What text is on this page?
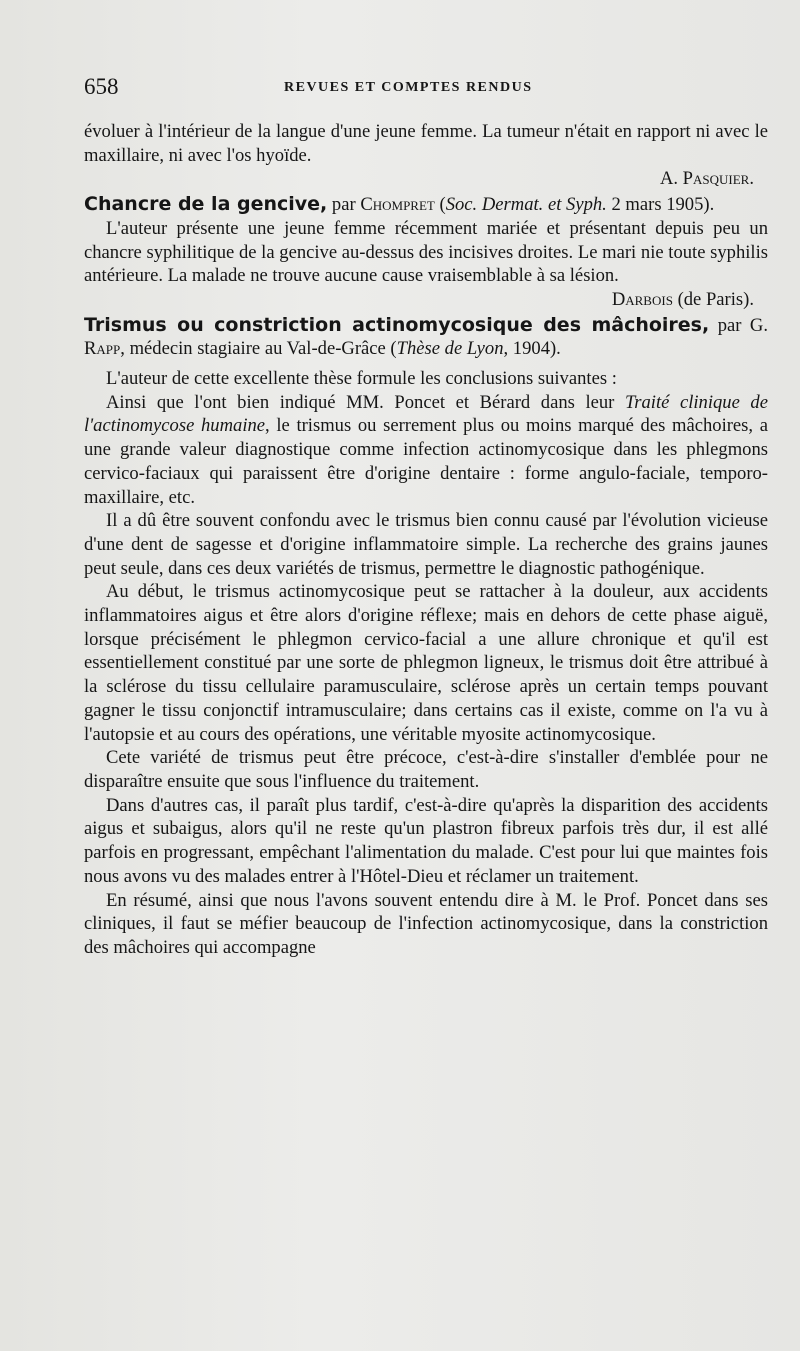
658	REVUES ET COMPTES RENDUS

évoluer à l'intérieur de la langue d'une jeune femme. La tumeur n'était en rapport ni avec le maxillaire, ni avec l'os hyoïde.

A. Pasquier.

Chancre de la gencive, par Chompret (Soc. Dermat. et Syph. 2 mars 1905).

L'auteur présente une jeune femme récemment mariée et présentant depuis peu un chancre syphilitique de la gencive au-dessus des incisives droites. Le mari nie toute syphilis antérieure. La malade ne trouve aucune cause vraisemblable à sa lésion.

Darbois (de Paris).

Trismus ou constriction actinomycosique des mâchoires, par G. Rapp, médecin stagiaire au Val-de-Grâce (Thèse de Lyon, 1904).

L'auteur de cette excellente thèse formule les conclusions suivantes :

Ainsi que l'ont bien indiqué MM. Poncet et Bérard dans leur Traité clinique de l'actinomycose humaine, le trismus ou serrement plus ou moins marqué des mâchoires, a une grande valeur diagnostique comme infection actinomycosique dans les phlegmons cervico-faciaux qui paraissent être d'origine dentaire : forme angulo-faciale, temporo-maxillaire, etc.

Il a dû être souvent confondu avec le trismus bien connu causé par l'évolution vicieuse d'une dent de sagesse et d'origine inflammatoire simple. La recherche des grains jaunes peut seule, dans ces deux variétés de trismus, permettre le diagnostic pathogénique.

Au début, le trismus actinomycosique peut se rattacher à la douleur, aux accidents inflammatoires aigus et être alors d'origine réflexe; mais en dehors de cette phase aiguë, lorsque précisément le phlegmon cervico-facial a une allure chronique et qu'il est essentiellement constitué par une sorte de phlegmon ligneux, le trismus doit être attribué à la sclérose du tissu cellulaire paramusculaire, sclérose après un certain temps pouvant gagner le tissu conjonctif intramusculaire; dans certains cas il existe, comme on l'a vu à l'autopsie et au cours des opérations, une véritable myosite actinomycosique.

Cete variété de trismus peut être précoce, c'est-à-dire s'installer d'emblée pour ne disparaître ensuite que sous l'influence du traitement.

Dans d'autres cas, il paraît plus tardif, c'est-à-dire qu'après la disparition des accidents aigus et subaigus, alors qu'il ne reste qu'un plastron fibreux parfois très dur, il est allé parfois en progressant, empêchant l'alimentation du malade. C'est pour lui que maintes fois nous avons vu des malades entrer à l'Hôtel-Dieu et réclamer un traitement.

En résumé, ainsi que nous l'avons souvent entendu dire à M. le Prof. Poncet dans ses cliniques, il faut se méfier beaucoup de l'infection actinomycosique, dans la constriction des mâchoires qui accompagne
